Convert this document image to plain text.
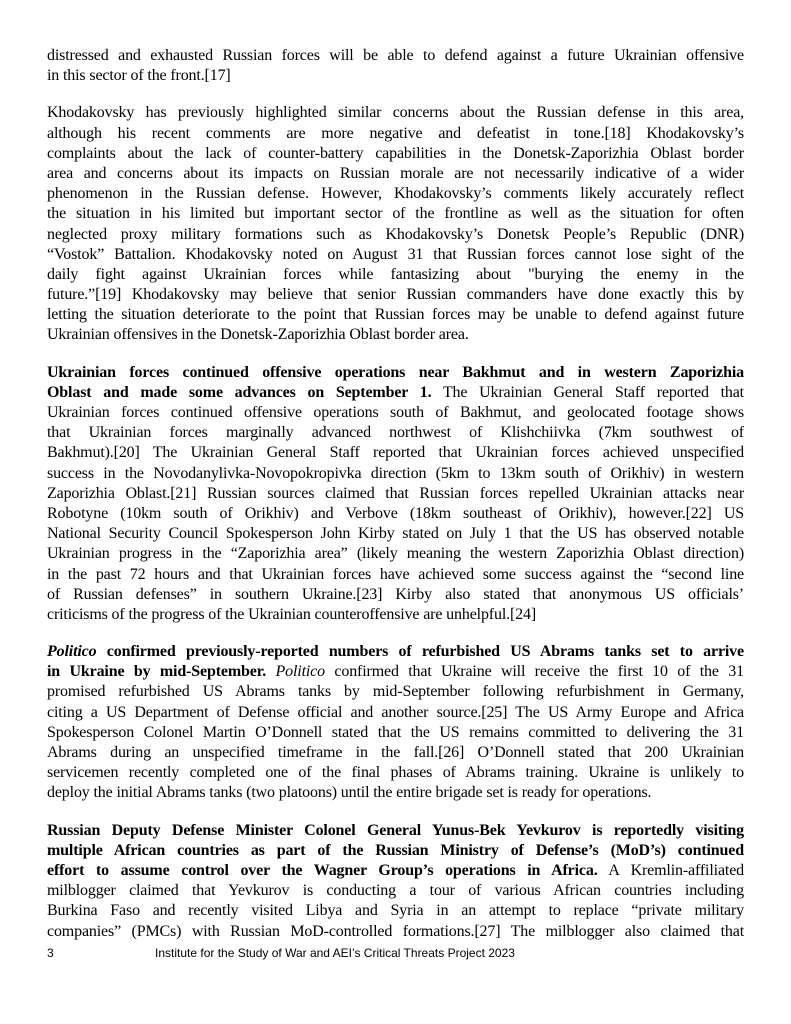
distressed and exhausted Russian forces will be able to defend against a future Ukrainian offensive
in this sector of the front.[17]
Khodakovsky has previously highlighted similar concerns about the Russian defense in this area,
although his recent comments are more negative and defeatist in tone.[18] Khodakovsky’s
complaints about the lack of counter-battery capabilities in the Donetsk-Zaporizhia Oblast border
area and concerns about its impacts on Russian morale are not necessarily indicative of a wider
phenomenon in the Russian defense. However, Khodakovsky’s comments likely accurately reflect
the situation in his limited but important sector of the frontline as well as the situation for often
neglected proxy military formations such as Khodakovsky’s Donetsk People’s Republic (DNR)
“Vostok” Battalion. Khodakovsky noted on August 31 that Russian forces cannot lose sight of the
daily fight against Ukrainian forces while fantasizing about "burying the enemy in the
future.”[19] Khodakovsky may believe that senior Russian commanders have done exactly this by
letting the situation deteriorate to the point that Russian forces may be unable to defend against future
Ukrainian offensives in the Donetsk-Zaporizhia Oblast border area.
Ukrainian forces continued offensive operations near Bakhmut and in western Zaporizhia
Oblast and made some advances on September 1. The Ukrainian General Staff reported that
Ukrainian forces continued offensive operations south of Bakhmut, and geolocated footage shows
that Ukrainian forces marginally advanced northwest of Klishchiivka (7km southwest of
Bakhmut).[20] The Ukrainian General Staff reported that Ukrainian forces achieved unspecified
success in the Novodanylivka-Novopokropivka direction (5km to 13km south of Orikhiv) in western
Zaporizhia Oblast.[21] Russian sources claimed that Russian forces repelled Ukrainian attacks near
Robotyne (10km south of Orikhiv) and Verbove (18km southeast of Orikhiv), however.[22] US
National Security Council Spokesperson John Kirby stated on July 1 that the US has observed notable
Ukrainian progress in the “Zaporizhia area” (likely meaning the western Zaporizhia Oblast direction)
in the past 72 hours and that Ukrainian forces have achieved some success against the “second line
of Russian defenses” in southern Ukraine.[23] Kirby also stated that anonymous US officials’
criticisms of the progress of the Ukrainian counteroffensive are unhelpful.[24]
Politico confirmed previously-reported numbers of refurbished US Abrams tanks set to arrive
in Ukraine by mid-September. Politico confirmed that Ukraine will receive the first 10 of the 31
promised refurbished US Abrams tanks by mid-September following refurbishment in Germany,
citing a US Department of Defense official and another source.[25] The US Army Europe and Africa
Spokesperson Colonel Martin O’Donnell stated that the US remains committed to delivering the 31
Abrams during an unspecified timeframe in the fall.[26] O’Donnell stated that 200 Ukrainian
servicemen recently completed one of the final phases of Abrams training. Ukraine is unlikely to
deploy the initial Abrams tanks (two platoons) until the entire brigade set is ready for operations.
Russian Deputy Defense Minister Colonel General Yunus-Bek Yevkurov is reportedly visiting
multiple African countries as part of the Russian Ministry of Defense’s (MoD’s) continued
effort to assume control over the Wagner Group’s operations in Africa. A Kremlin-affiliated
milblogger claimed that Yevkurov is conducting a tour of various African countries including
Burkina Faso and recently visited Libya and Syria in an attempt to replace “private military
companies” (PMCs) with Russian MoD-controlled formations.[27] The milblogger also claimed that
3	Institute for the Study of War and AEI’s Critical Threats Project 2023
